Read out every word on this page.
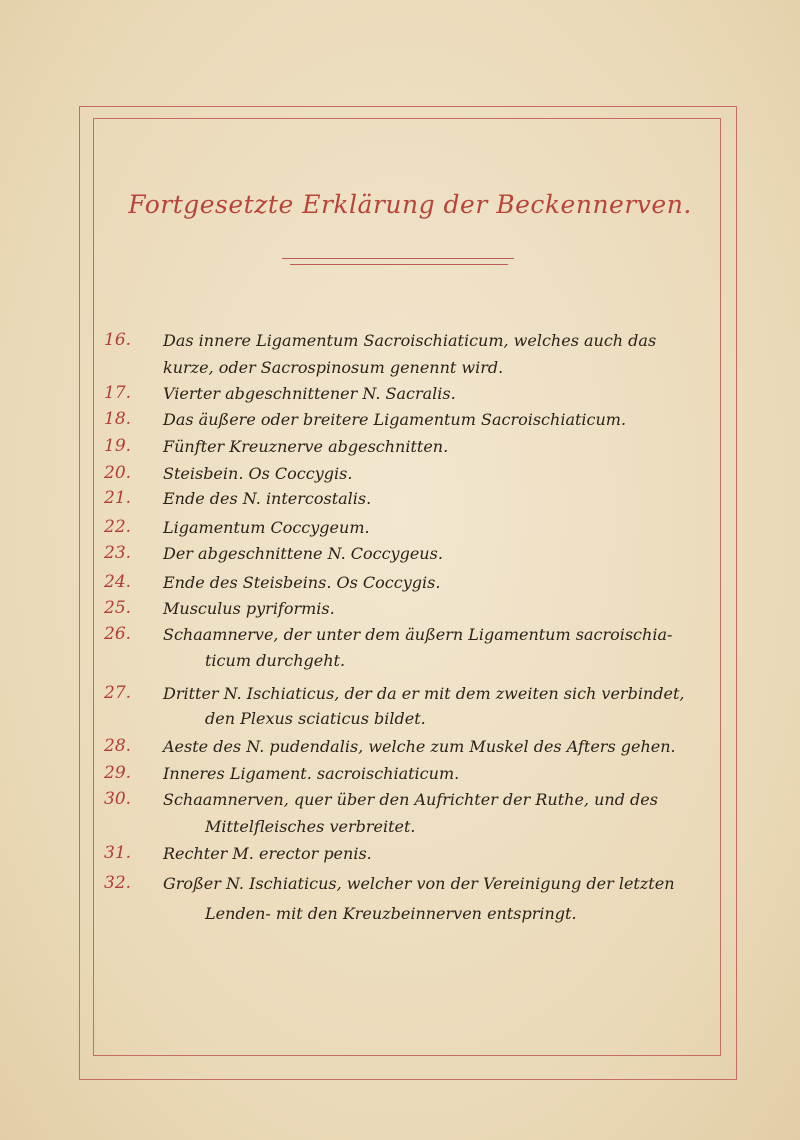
Fortgesetzte Erklärung der Beckennerven.
16.	Das innere Ligamentum Sacroischiaticum, welches auch das
kurze, oder Sacrospinosum genennt wird.
17.	Vierter abgeschnittener N. Sacralis.
18.	Das äußere oder breitere Ligamentum Sacroischiaticum.
19.	Fünfter Kreuznerve abgeschnitten.
20.	Steisbein. Os Coccygis.
21.	Ende des N. intercostalis.
22.	Ligamentum Coccygeum.
23.	Der abgeschnittene N. Coccygeus.
24.	Ende des Steisbeins. Os Coccygis.
25.	Musculus pyriformis.
26.	Schaamnerve, der unter dem äußern Ligamentum sacroischia-
ticum durchgeht.
27.	Dritter N. Ischiaticus, der da er mit dem zweiten sich verbindet,
den Plexus sciaticus bildet.
28.	Aeste des N. pudendalis, welche zum Muskel des Afters gehen.
29.	Inneres Ligament. sacroischiaticum.
30.	Schaamnerven, quer über den Aufrichter der Ruthe, und des
Mittelfleisches verbreitet.
31.	Rechter M. erector penis.
32.	Großer N. Ischiaticus, welcher von der Vereinigung der letzten
Lenden- mit den Kreuzbeinnerven entspringt.
